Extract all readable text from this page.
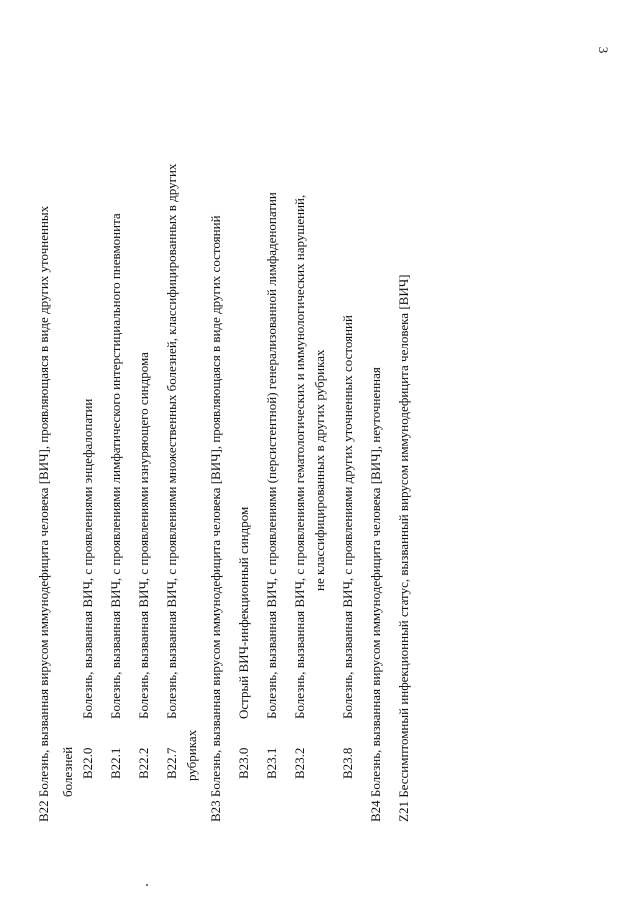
3
B22 Болезнь, вызванная вирусом иммунодефицита человека [ВИЧ], проявляющаяся в виде других уточненных болезней B22.0
Болезнь, вызванная ВИЧ, с проявлениями энцефалопатии
B22.1
Болезнь, вызванная ВИЧ, с проявлениями лимфатического интерстициального пневмонита
B22.2
Болезнь, вызванная ВИЧ, с проявлениями изнуряющего синдрома
B22.7
Болезнь, вызванная ВИЧ, с проявлениями множественных болезней, классифицированных в других
рубриках B23 Болезнь, вызванная вирусом иммунодефицита человека [ВИЧ], проявляющаяся в виде других состояний B23.0
Острый ВИЧ-инфекционный синдром
B23.1
Болезнь, вызванная ВИЧ, с проявлениями (персистентной) генерализованной лимфаденопатии
B23.2
Болезнь, вызванная ВИЧ, с проявлениями гематологических и иммунологических нарушений, не классифицированных в других рубриках
B23.8
Болезнь, вызванная ВИЧ, с проявлениями других уточненных состояний B24 Болезнь, вызванная вирусом иммунодефицита человека [ВИЧ], неуточненная Z21 Бессимптомный инфекционный статус, вызванный вирусом иммунодефицита человека [ВИЧ]
